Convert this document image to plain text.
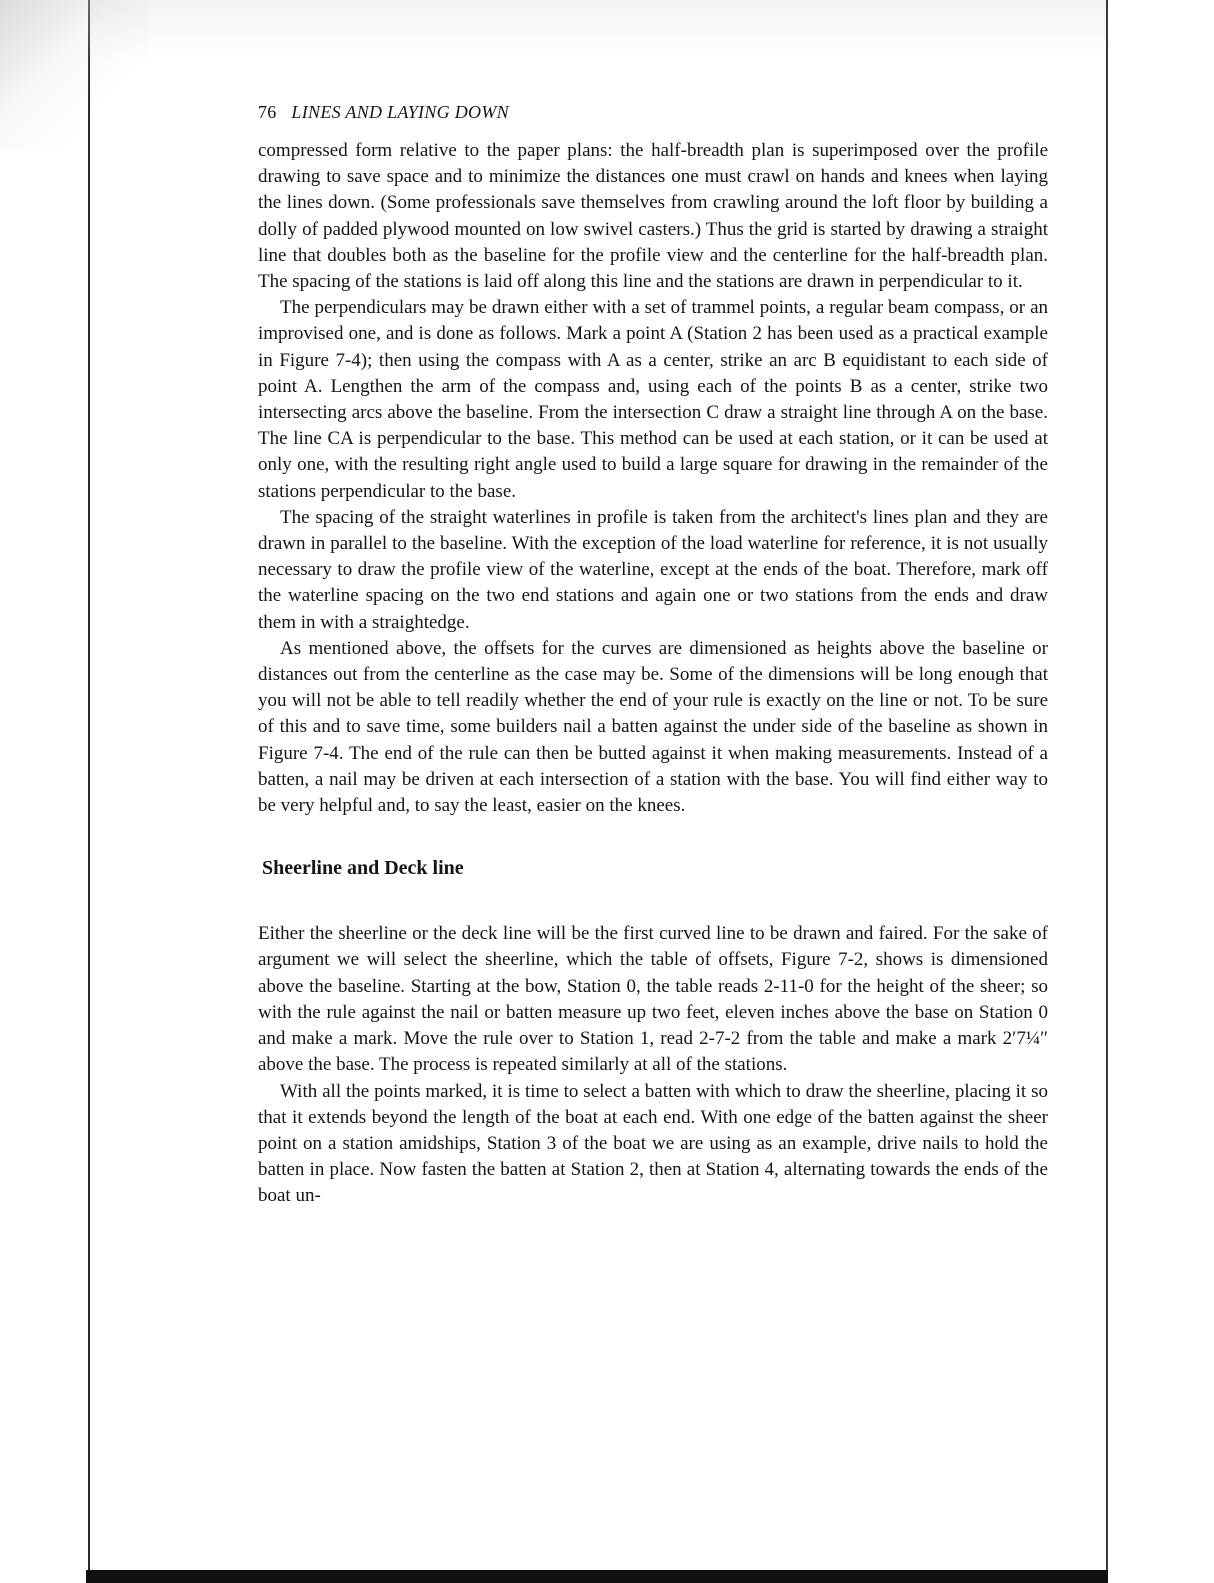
76 LINES AND LAYING DOWN

compressed form relative to the paper plans: the half-breadth plan is superimposed over the profile drawing to save space and to minimize the distances one must crawl on hands and knees when laying the lines down. (Some professionals save themselves from crawling around the loft floor by building a dolly of padded plywood mounted on low swivel casters.) Thus the grid is started by drawing a straight line that doubles both as the baseline for the profile view and the centerline for the half-breadth plan. The spacing of the stations is laid off along this line and the stations are drawn in perpendicular to it.

The perpendiculars may be drawn either with a set of trammel points, a regular beam compass, or an improvised one, and is done as follows. Mark a point A (Station 2 has been used as a practical example in Figure 7-4); then using the compass with A as a center, strike an arc B equidistant to each side of point A. Lengthen the arm of the compass and, using each of the points B as a center, strike two intersecting arcs above the baseline. From the intersection C draw a straight line through A on the base. The line CA is perpendicular to the base. This method can be used at each station, or it can be used at only one, with the resulting right angle used to build a large square for drawing in the remainder of the stations perpendicular to the base.

The spacing of the straight waterlines in profile is taken from the architect's lines plan and they are drawn in parallel to the baseline. With the exception of the load waterline for reference, it is not usually necessary to draw the profile view of the waterline, except at the ends of the boat. Therefore, mark off the waterline spacing on the two end stations and again one or two stations from the ends and draw them in with a straightedge.

As mentioned above, the offsets for the curves are dimensioned as heights above the baseline or distances out from the centerline as the case may be. Some of the dimensions will be long enough that you will not be able to tell readily whether the end of your rule is exactly on the line or not. To be sure of this and to save time, some builders nail a batten against the under side of the baseline as shown in Figure 7-4. The end of the rule can then be butted against it when making measurements. Instead of a batten, a nail may be driven at each intersection of a station with the base. You will find either way to be very helpful and, to say the least, easier on the knees.

Sheerline and Deck line

Either the sheerline or the deck line will be the first curved line to be drawn and faired. For the sake of argument we will select the sheerline, which the table of offsets, Figure 7-2, shows is dimensioned above the baseline. Starting at the bow, Station 0, the table reads 2-11-0 for the height of the sheer; so with the rule against the nail or batten measure up two feet, eleven inches above the base on Station 0 and make a mark. Move the rule over to Station 1, read 2-7-2 from the table and make a mark 2′7¼″ above the base. The process is repeated similarly at all of the stations.

With all the points marked, it is time to select a batten with which to draw the sheerline, placing it so that it extends beyond the length of the boat at each end. With one edge of the batten against the sheer point on a station amidships, Station 3 of the boat we are using as an example, drive nails to hold the batten in place. Now fasten the batten at Station 2, then at Station 4, alternating towards the ends of the boat un-
